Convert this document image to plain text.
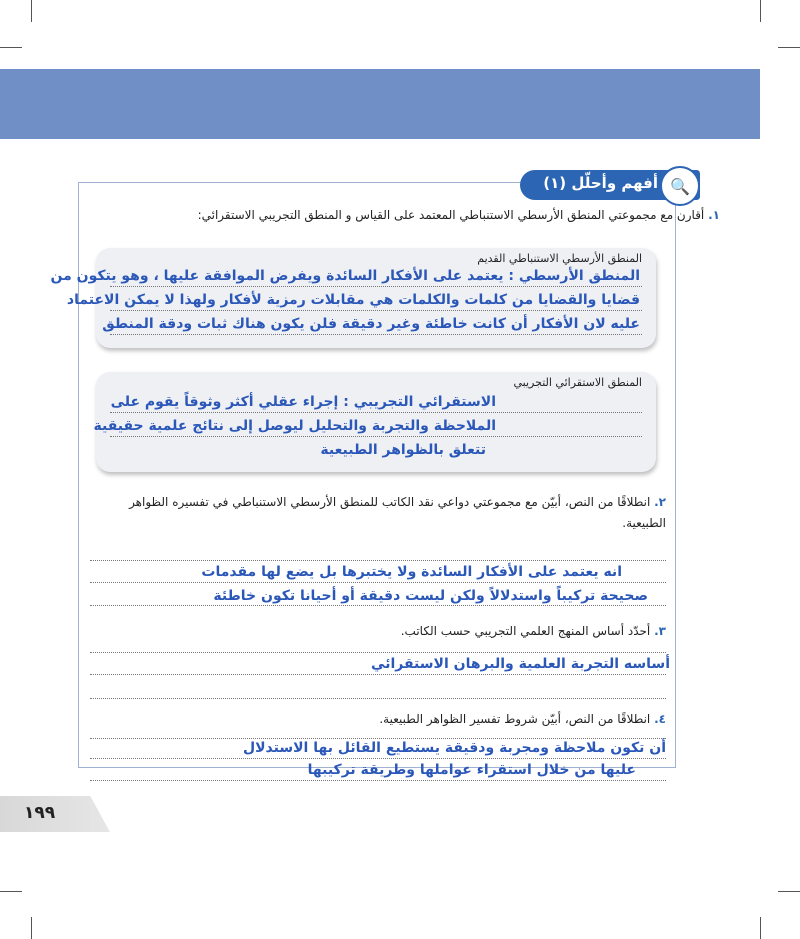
أفهم وأحلّل (١) 🔍
١. أقارن مع مجموعتي المنطق الأرسطي الاستنباطي المعتمد على القياس و المنطق التجريبي الاستقرائي:
المنطق الأرسطي الاستنباطي القديم
المنطق الأرسطي : يعتمد على الأفكار السائدة ويفرض الموافقة عليها ، وهو يتكون من
قضايا والقضايا من كلمات والكلمات هي مقابلات رمزية لأفكار ولهذا لا يمكن الاعتماد
عليه لان الأفكار أن كانت خاطئة وغير دقيقة فلن يكون هناك ثبات ودقة المنطق
المنطق الاستقرائي التجريبي
الاستقرائي التجريبي : إجراء عقلي أكثر وثوقاً يقوم على
الملاحظة والتجربة والتحليل ليوصل إلى نتائج علمية حقيقية
تتعلق بالظواهر الطبيعية
٢. انطلاقًا من النص، أبيّن مع مجموعتي دواعي نقد الكاتب للمنطق الأرسطي الاستنباطي في تفسيره الظواهر
الطبيعية.
انه يعتمد على الأفكار السائدة ولا يختبرها بل يضع لها مقدمات
صحيحة تركيباً واستدلالاً ولكن ليست دقيقة أو أحيانا تكون خاطئة
٣. أحدّد أساس المنهج العلمي التجريبي حسب الكاتب.
أساسه التجربة العلمية والبرهان الاستقرائي
٤. انطلاقًا من النص، أبيّن شروط تفسير الظواهر الطبيعية.
أن تكون ملاحظة ومجربة ودقيقة يستطيع القائل بها الاستدلال
عليها من خلال استقراء عواملها وطريقة تركيبها
١٩٩
